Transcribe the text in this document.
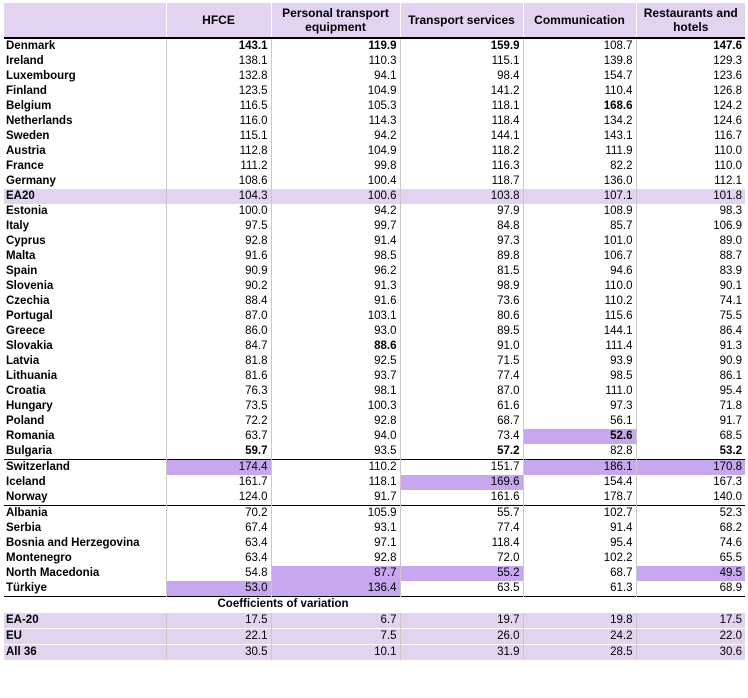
	HFCE	Personal transport equipment	Transport services	Communication	Restaurants and hotels
Denmark	143.1	119.9	159.9	108.7	147.6
Ireland	138.1	110.3	115.1	139.8	129.3
Luxembourg	132.8	94.1	98.4	154.7	123.6
Finland	123.5	104.9	141.2	110.4	126.8
Belgium	116.5	105.3	118.1	168.6	124.2
Netherlands	116.0	114.3	118.4	134.2	124.6
Sweden	115.1	94.2	144.1	143.1	116.7
Austria	112.8	104.9	118.2	111.9	110.0
France	111.2	99.8	116.3	82.2	110.0
Germany	108.6	100.4	118.7	136.0	112.1
EA20	104.3	100.6	103.8	107.1	101.8
Estonia	100.0	94.2	97.9	108.9	98.3
Italy	97.5	99.7	84.8	85.7	106.9
Cyprus	92.8	91.4	97.3	101.0	89.0
Malta	91.6	98.5	89.8	106.7	88.7
Spain	90.9	96.2	81.5	94.6	83.9
Slovenia	90.2	91.3	98.9	110.0	90.1
Czechia	88.4	91.6	73.6	110.2	74.1
Portugal	87.0	103.1	80.6	115.6	75.5
Greece	86.0	93.0	89.5	144.1	86.4
Slovakia	84.7	88.6	91.0	111.4	91.3
Latvia	81.8	92.5	71.5	93.9	90.9
Lithuania	81.6	93.7	77.4	98.5	86.1
Croatia	76.3	98.1	87.0	111.0	95.4
Hungary	73.5	100.3	61.6	97.3	71.8
Poland	72.2	92.8	68.7	56.1	91.7
Romania	63.7	94.0	73.4	52.6	68.5
Bulgaria	59.7	93.5	57.2	82.8	53.2
Switzerland	174.4	110.2	151.7	186.1	170.8
Iceland	161.7	118.1	169.6	154.4	167.3
Norway	124.0	91.7	161.6	178.7	140.0
Albania	70.2	105.9	55.7	102.7	52.3
Serbia	67.4	93.1	77.4	91.4	68.2
Bosnia and Herzegovina	63.4	97.1	118.4	95.4	74.6
Montenegro	63.4	92.8	72.0	102.2	65.5
North Macedonia	54.8	87.7	55.2	68.7	49.5
Türkiye	53.0	136.4	63.5	61.3	68.9
	Coefficients of variation				
EA-20	17.5	6.7	19.7	19.8	17.5
EU	22.1	7.5	26.0	24.2	22.0
All 36	30.5	10.1	31.9	28.5	30.6
